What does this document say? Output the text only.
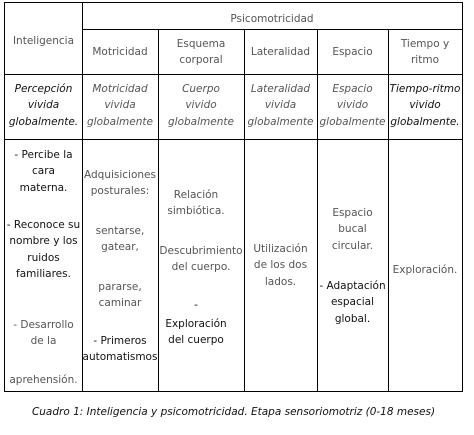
Inteligencia
Psicomotricidad
Motricidad
Esquema
corporal
Lateralidad	Espacio
Tiempo y
ritmo
Percepción
vivida
globalmente.
Motricidad
vivida
globalmente
Cuerpo
vivido
globalmente
Lateralidad
vivida
globalmente
Espacio
vivido
globalmente
Tiempo-ritmo
vivido
globalmente.
- Percibe la
cara
materna.
- Reconoce su
nombre y los
ruidos
familiares.
- Desarrollo
de la
aprehensión.
Adquisiciones
posturales:
sentarse,
gatear,
pararse,
caminar
- Primeros
automatismos
Relación
simbiótica.
Descubrimiento
del cuerpo.
-
Exploración
del cuerpo
Utilización
de los dos
lados.
Espacio
bucal
circular.
- Adaptación
espacial
global.
Exploración.
Cuadro 1: Inteligencia y psicomotricidad. Etapa sensoriomotriz (0-18 meses)
